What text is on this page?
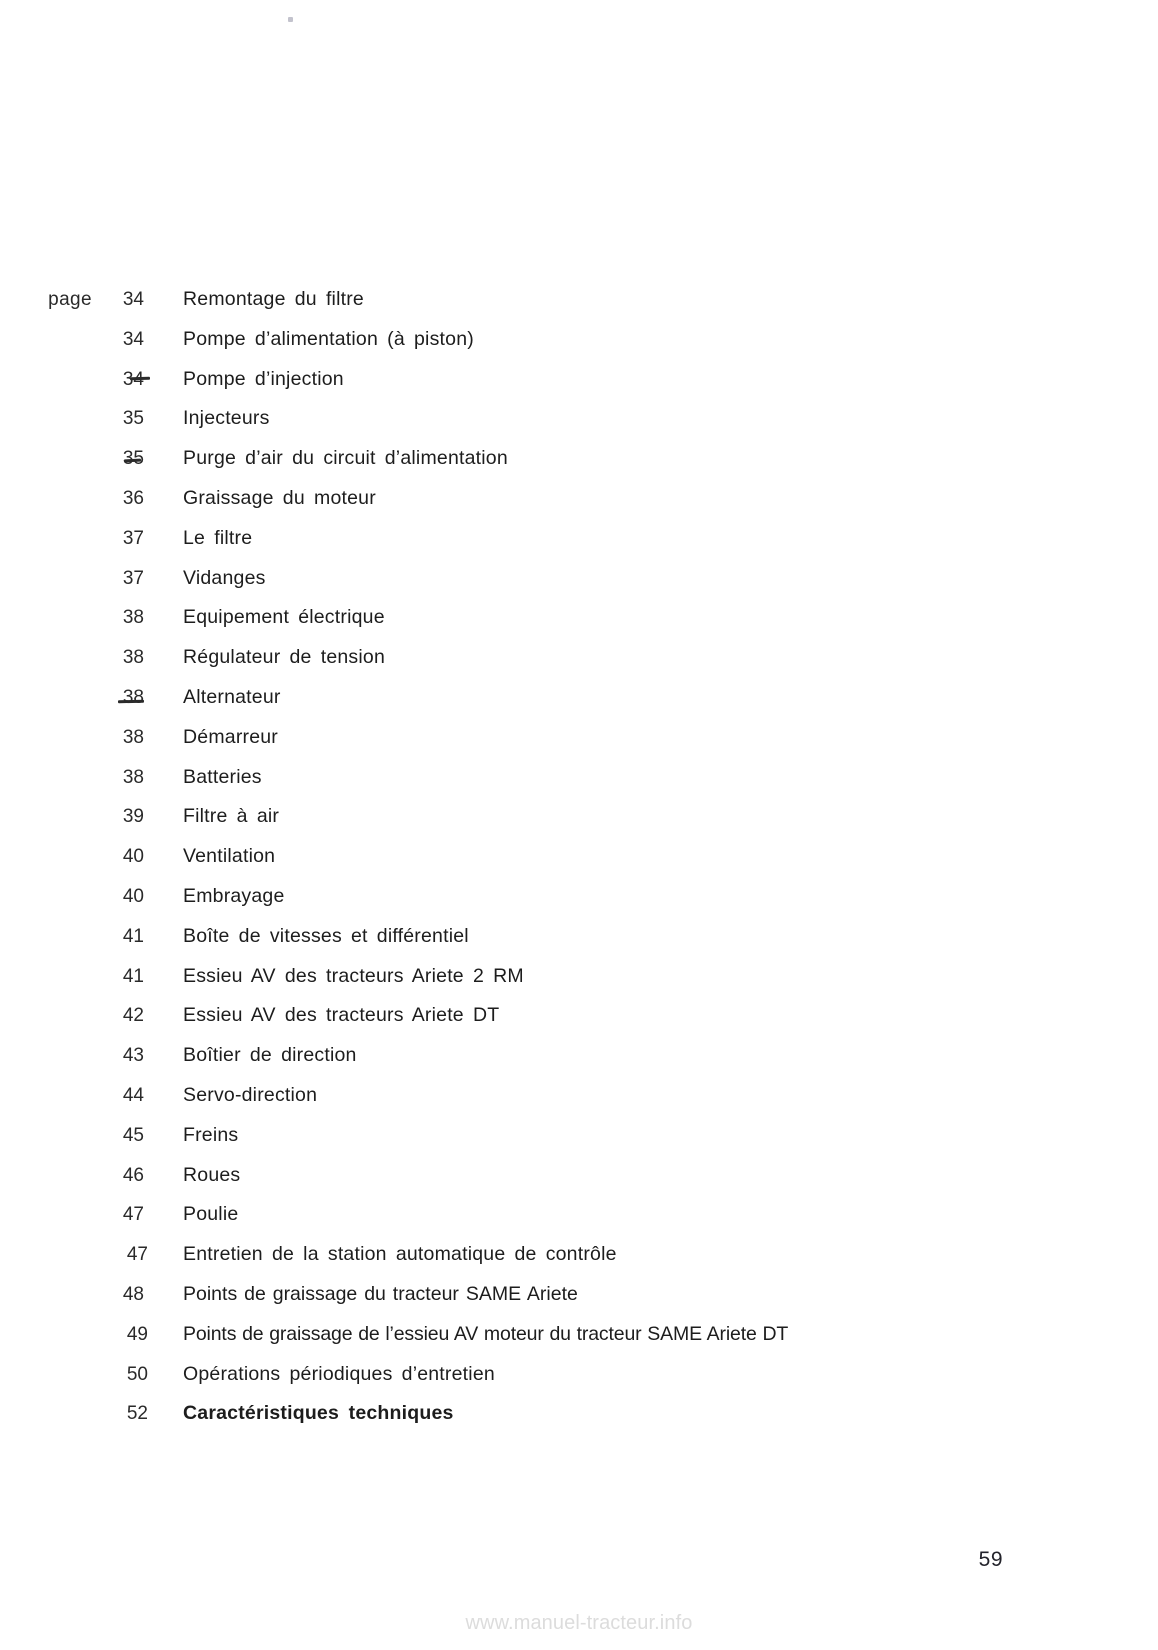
page	34	Remontage du filtre
34	Pompe d’alimentation (à piston)
34	Pompe d’injection
35	Injecteurs
35	Purge d’air du circuit d’alimentation
36	Graissage du moteur
37	Le filtre
37	Vidanges
38	Equipement électrique
38	Régulateur de tension
38	Alternateur
38	Démarreur
38	Batteries
39	Filtre à air
40	Ventilation
40	Embrayage
41	Boîte de vitesses et différentiel
41	Essieu AV des tracteurs Ariete 2 RM
42	Essieu AV des tracteurs Ariete DT
43	Boîtier de direction
44	Servo-direction
45	Freins
46	Roues
47	Poulie
47	Entretien de la station automatique de contrôle
48	Points de graissage du tracteur SAME Ariete
49	Points de graissage de l’essieu AV moteur du tracteur SAME Ariete DT
50	Opérations périodiques d’entretien
52	Caractéristiques techniques
59
www.manuel-tracteur.info
